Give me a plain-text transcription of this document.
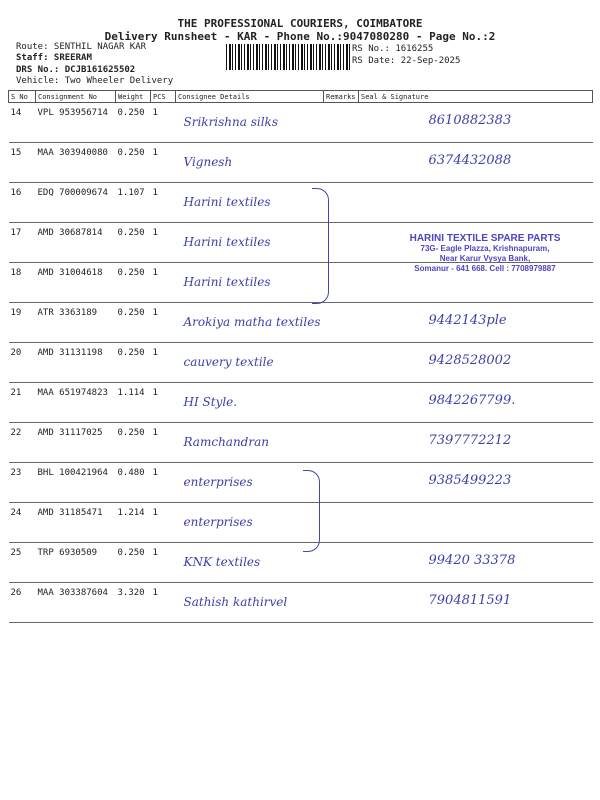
THE PROFESSIONAL COURIERS, COIMBATORE
Delivery Runsheet - KAR - Phone No.:9047080280 - Page No.:2
Route: SENTHIL NAGAR KAR
Staff: SREERAM
DRS No.: DCJB161625502
Vehicle: Two Wheeler Delivery
RS No.: 1616255
RS Date: 22-Sep-2025
S No	Consignment No	Weight	PCS	Consignee Details	Remarks	Seal & Signature
14	VPL 953956714	0.250	1	Srikrishna silks		8610882383

15	MAA 303940080	0.250	1	Vignesh		6374432088

16	EDQ 700009674	1.107	1	Harini textiles		

17	AMD 30687814	0.250	1	Harini textiles		

18	AMD 31004618	0.250	1	Harini textiles		

19	ATR 3363189	0.250	1	Arokiya matha textiles		9442143ple

20	AMD 31131198	0.250	1	cauvery textile		9428528002

21	MAA 651974823	1.114	1	HI Style.		9842267799.

22	AMD 31117025	0.250	1	Ramchandran		7397772212

23	BHL 100421964	0.480	1	enterprises		9385499223

24	AMD 31185471	1.214	1	enterprises		

25	TRP 6930509	0.250	1	KNK textiles		99420 33378

26	MAA 303387604	3.320	1	Sathish kathirvel		7904811591
HARINI TEXTILE SPARE PARTS
73G- Eagle Plazza, Krishnapuram,
Near Karur Vysya Bank,
Somanur - 641 668. Cell : 7708979887
